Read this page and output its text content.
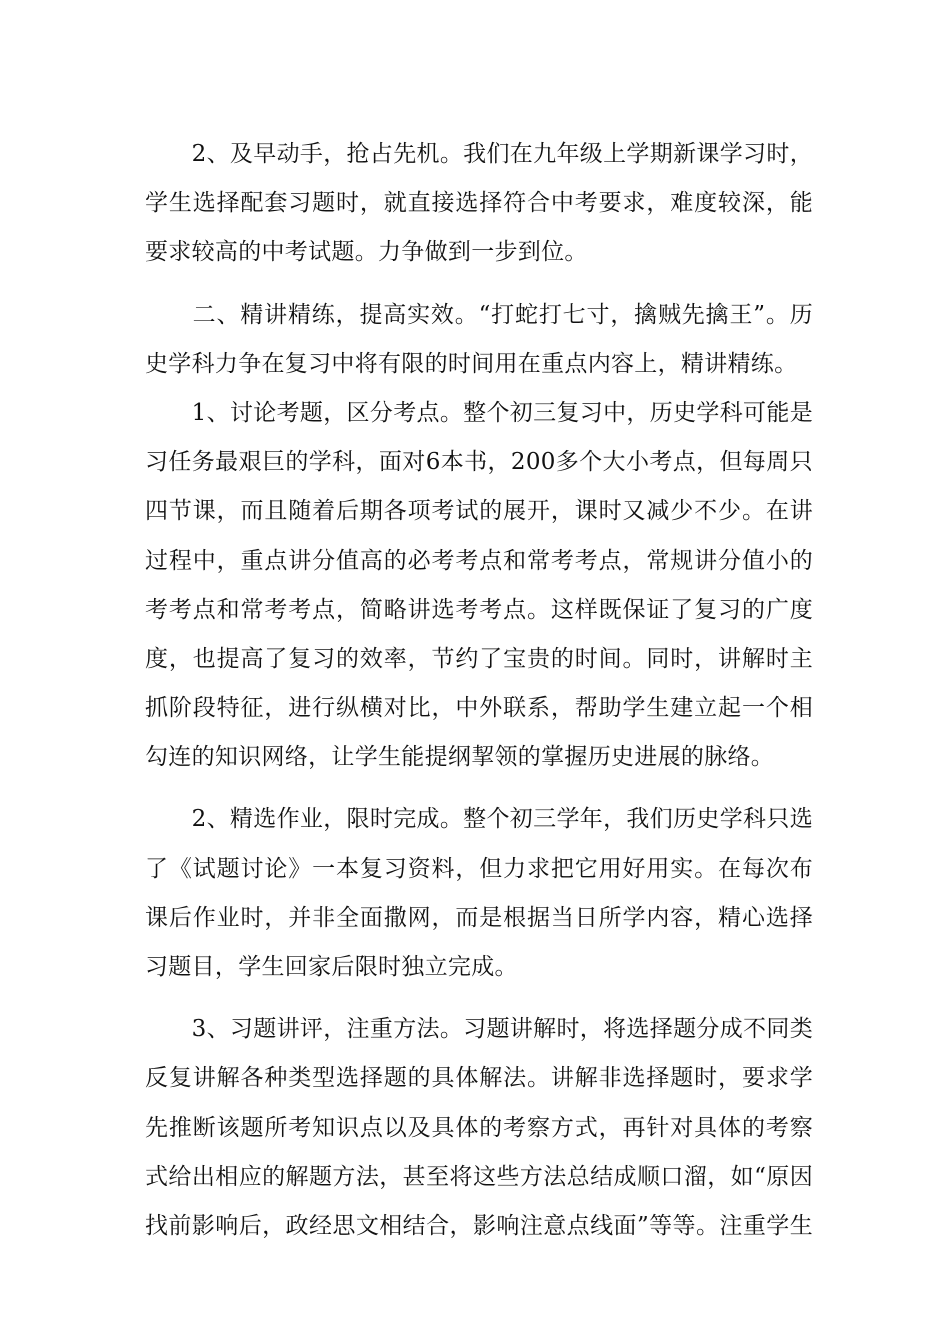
　　2、及早动手，抢占先机。我们在九年级上学期新课学习时，
学生选择配套习题时，就直接选择符合中考要求，难度较深，能
要求较高的中考试题。力争做到一步到位。
　　二、精讲精练，提高实效。“打蛇打七寸，擒贼先擒王”。历
史学科力争在复习中将有限的时间用在重点内容上，精讲精练。
　　1、讨论考题，区分考点。整个初三复习中，历史学科可能是
习任务最艰巨的学科，面对6本书，200多个大小考点，但每周只
四节课，而且随着后期各项考试的展开，课时又减少不少。在讲
过程中，重点讲分值高的必考考点和常考考点，常规讲分值小的
考考点和常考考点，简略讲选考考点。这样既保证了复习的广度
度，也提高了复习的效率，节约了宝贵的时间。同时，讲解时主
抓阶段特征，进行纵横对比，中外联系，帮助学生建立起一个相
勾连的知识网络，让学生能提纲挈领的掌握历史进展的脉络。
　　2、精选作业，限时完成。整个初三学年，我们历史学科只选
了《试题讨论》一本复习资料，但力求把它用好用实。在每次布
课后作业时，并非全面撒网，而是根据当日所学内容，精心选择
习题目，学生回家后限时独立完成。
　　3、习题讲评，注重方法。习题讲解时，将选择题分成不同类
反复讲解各种类型选择题的具体解法。讲解非选择题时，要求学
先推断该题所考知识点以及具体的考察方式，再针对具体的考察
式给出相应的解题方法，甚至将这些方法总结成顺口溜，如“原因
找前影响后，政经思文相结合，影响注意点线面”等等。注重学生
